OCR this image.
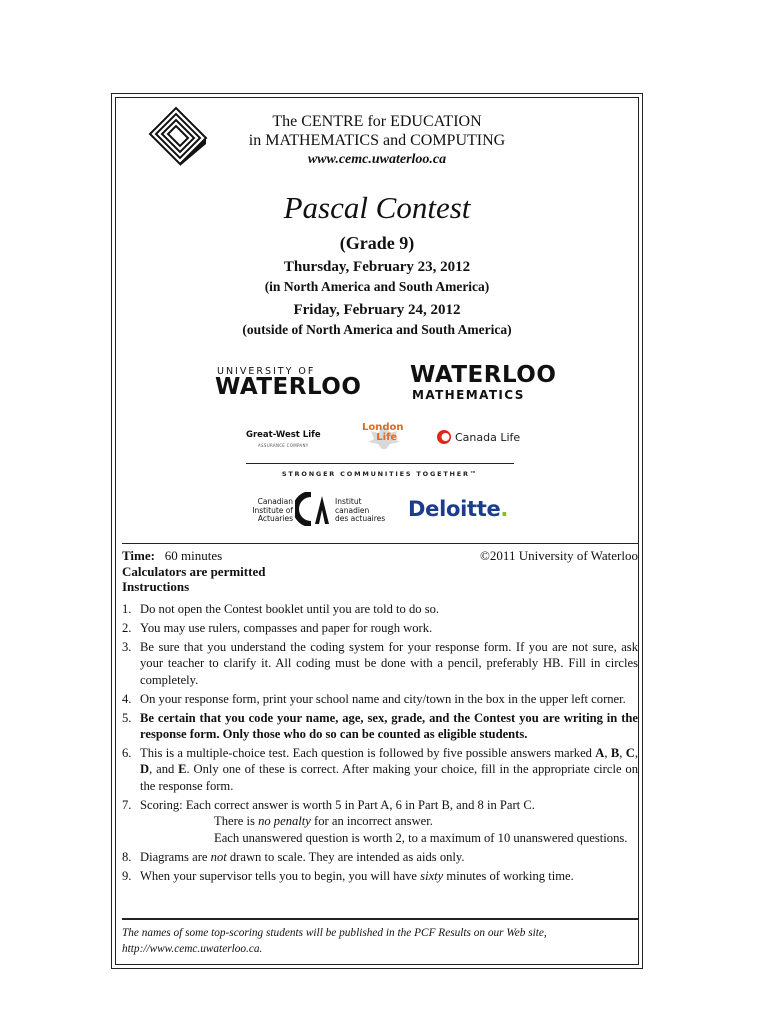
The CENTRE for EDUCATION
in MATHEMATICS and COMPUTING
www.cemc.uwaterloo.ca
Pascal Contest
(Grade 9)
Thursday, February 23, 2012
(in North America and South America)
Friday, February 24, 2012
(outside of North America and South America)
UNIVERSITY OF
WATERLOO WATERLOO
MATHEMATICS
Great-West Life
ASSURANCE COMPANY
London
Life	Canada Life
STRONGER COMMUNITIES TOGETHER™
Canadian
Institute of
Actuaries
Institut
canadien
des actuaires	Deloitte.
Time: 60 minutes	©2011 University of Waterloo
Calculators are permitted
Instructions
1. Do not open the Contest booklet until you are told to do so.
2. You may use rulers, compasses and paper for rough work.
3. Be sure that you understand the coding system for your response form. If you are not sure, ask your teacher to clarify it. All coding must be done with a pencil, preferably HB. Fill in circles completely.
4. On your response form, print your school name and city/town in the box in the upper left corner.
5. Be certain that you code your name, age, sex, grade, and the Contest you are writing in the response form. Only those who do so can be counted as eligible students.
6. This is a multiple-choice test. Each question is followed by five possible answers marked A, B, C, D, and E. Only one of these is correct. After making your choice, fill in the appropriate circle on the response form.
7. Scoring: Each correct answer is worth 5 in Part A, 6 in Part B, and 8 in Part C.
There is no penalty for an incorrect answer.
Each unanswered question is worth 2, to a maximum of 10 unanswered questions.
8. Diagrams are not drawn to scale. They are intended as aids only.
9. When your supervisor tells you to begin, you will have sixty minutes of working time.
The names of some top-scoring students will be published in the PCF Results on our Web site, http://www.cemc.uwaterloo.ca.
